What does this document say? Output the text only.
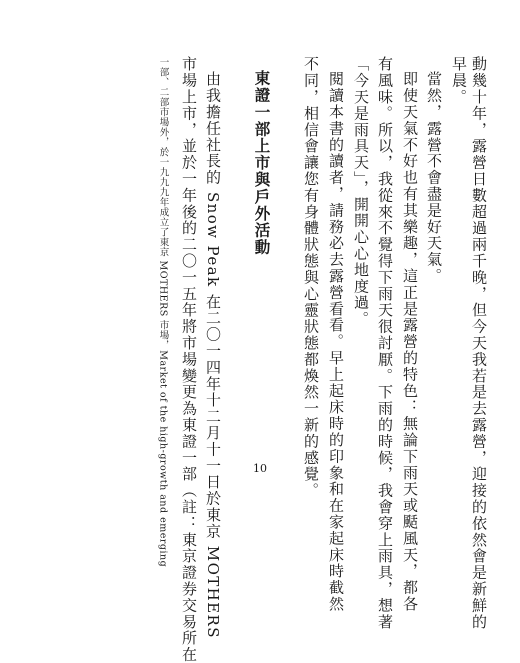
動幾十年，露營日數超過兩千晚，但今天我若是去露營，迎接的依然會是新鮮的
早晨。
當然，露營不會盡是好天氣。
即使天氣不好也有其樂趣，這正是露營的特色：無論下雨天或颳風天，都各
有風味。所以，我從來不覺得下雨天很討厭。下雨的時候，我會穿上雨具，想著
「今天是雨具天」，開開心心地度過。
閱讀本書的讀者，請務必去露營看看。早上起床時的印象和在家起床時截然
不同，相信會讓您有身體狀態與心靈狀態都煥然一新的感覺。
東證一部上市與戶外活動
由我擔任社長的 Snow Peak 在二〇一四年十二月十一日於東京 MOTHERS
市場上市，並於一年後的二〇一五年將市場變更為東證一部（註：東京證券交易所在
一部、二部市場外，於一九九九年成立了東京 MOTHERS 市場，Market of the high-growth and emerging	10
